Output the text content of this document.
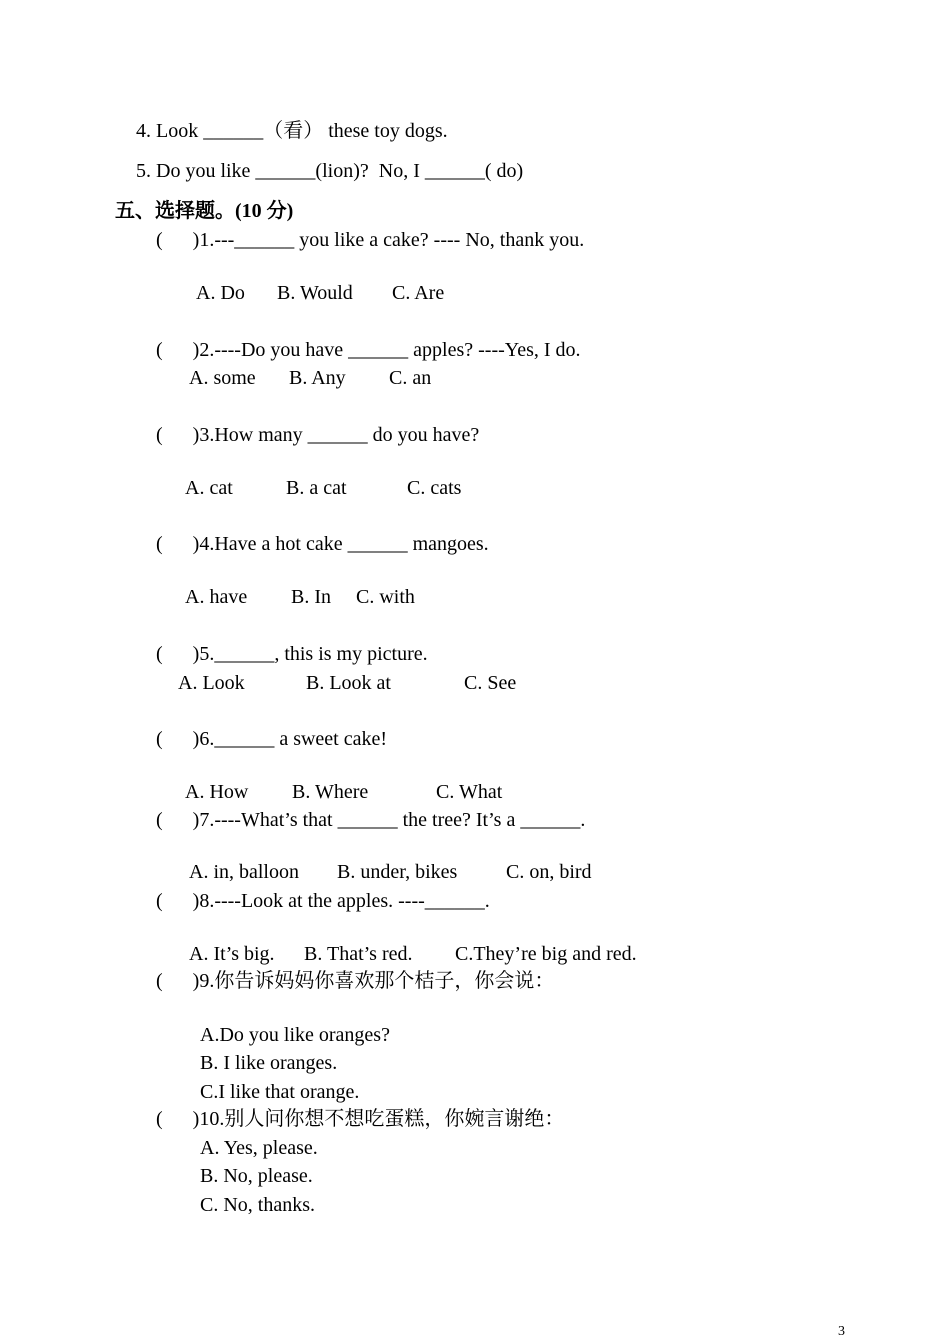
4. Look ______（看） these toy dogs.
5. Do you like ______(lion)?  No, I ______( do)
五、选择题。(10 分)
(      )1.---______ you like a cake? ---- No, thank you.
A. Do B. Would C. Are
(      )2.----Do you have ______ apples? ----Yes, I do.
A. some B. Any C. an
(      )3.How many ______ do you have?
A. cat	B. a cat	C. cats
(      )4.Have a hot cake ______ mangoes.
A. have B. In C. with
(      )5.______, this is my picture.
A. Look	B. Look at	C. See
(      )6.______ a sweet cake!
A. How B. Where	C. What
(      )7.----What’s that ______ the tree? It’s a ______.
A. in, balloon B. under, bikes C. on, bird
(      )8.----Look at the apples. ----______.
A. It’s big. B. That’s red. C.They’re big and red.
(      )9.你告诉妈妈你喜欢那个桔子，你会说：
A.Do you like oranges?
B. I like oranges.
C.I like that orange.
(      )10.别人问你想不想吃蛋糕，你婉言谢绝：
A. Yes, please.
B. No, please.
C. No, thanks.
3
